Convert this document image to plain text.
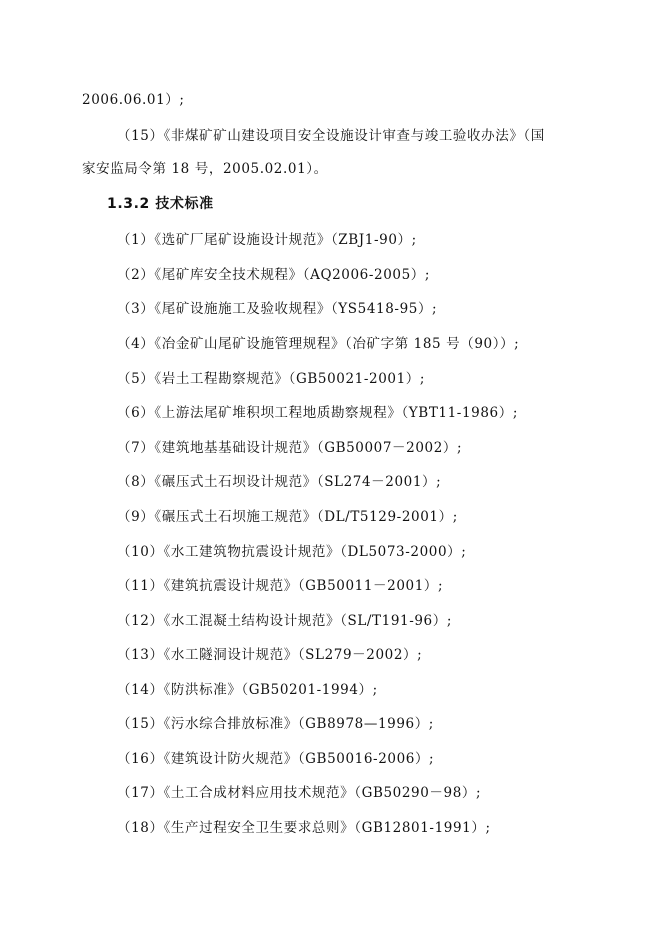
2006.06.01）;
（15）《非煤矿矿山建设项目安全设施设计审查与竣工验收办法》（国
家安监局令第 18 号，2005.02.01）。
1.3.2 技术标准
（1）《选矿厂尾矿设施设计规范》（ZBJ1-90）;
（2）《尾矿库安全技术规程》（AQ2006-2005）;
（3）《尾矿设施施工及验收规程》（YS5418-95）;
（4）《冶金矿山尾矿设施管理规程》（冶矿字第 185 号（90））;
（5）《岩土工程勘察规范》（GB50021-2001）;
（6）《上游法尾矿堆积坝工程地质勘察规程》（YBT11-1986）;
（7）《建筑地基基础设计规范》（GB50007－2002）;
（8）《碾压式土石坝设计规范》（SL274－2001）;
（9）《碾压式土石坝施工规范》（DL/T5129-2001）;
（10）《水工建筑物抗震设计规范》（DL5073-2000）;
（11）《建筑抗震设计规范》（GB50011－2001）;
（12）《水工混凝土结构设计规范》（SL/T191-96）;
（13）《水工隧洞设计规范》（SL279－2002）;
（14）《防洪标准》（GB50201-1994）;
（15）《污水综合排放标准》（GB8978—1996）;
（16）《建筑设计防火规范》（GB50016-2006）;
（17）《土工合成材料应用技术规范》（GB50290－98）;
（18）《生产过程安全卫生要求总则》（GB12801-1991）;
